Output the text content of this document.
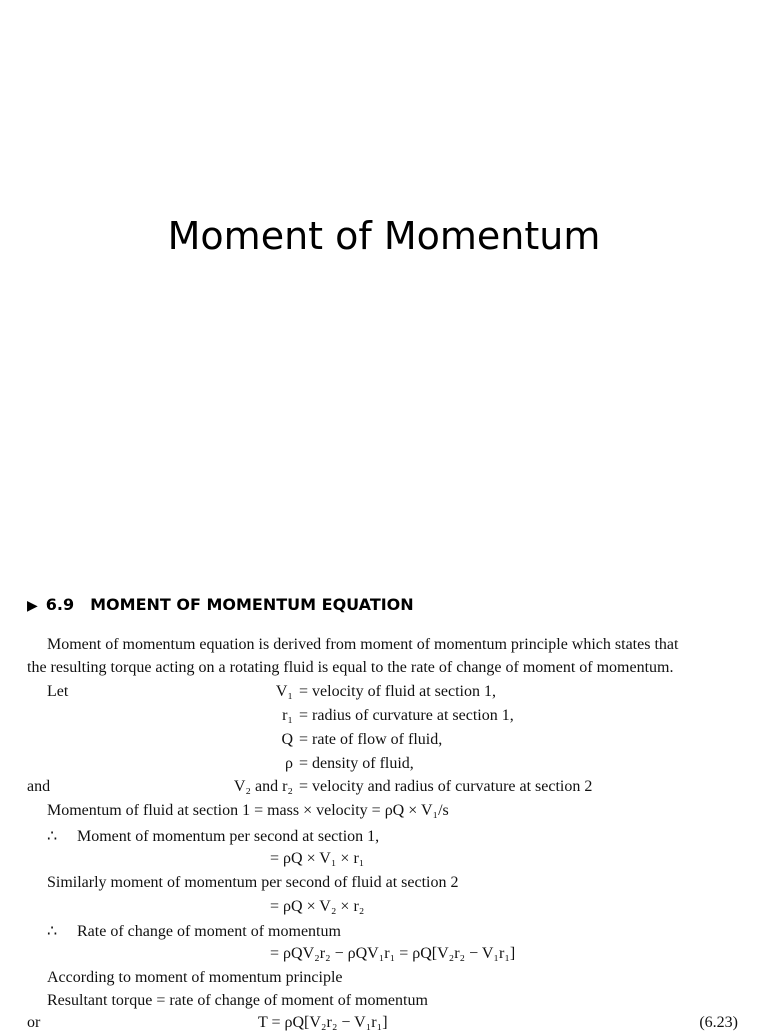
Moment of Momentum
▶ 6.9 MOMENT OF MOMENTUM EQUATION
Moment of momentum equation is derived from moment of momentum principle which states that
the resulting torque acting on a rotating fluid is equal to the rate of change of moment of momentum.
Let	V₁ = velocity of fluid at section 1,
r₁ = radius of curvature at section 1,
Q = rate of flow of fluid,
ρ = density of fluid,
and	V₂ and r₂ = velocity and radius of curvature at section 2
Momentum of fluid at section 1 = mass × velocity = ρQ × V₁/s
∴ Moment of momentum per second at section 1,
= ρQ × V₁ × r₁
Similarly moment of momentum per second of fluid at section 2
= ρQ × V₂ × r₂
∴ Rate of change of moment of momentum
= ρQV₂r₂ − ρQV₁r₁ = ρQ[V₂r₂ − V₁r₁]
According to moment of momentum principle
Resultant torque = rate of change of moment of momentum
or	T = ρQ[V₂r₂ − V₁r₁]	(6.23)
